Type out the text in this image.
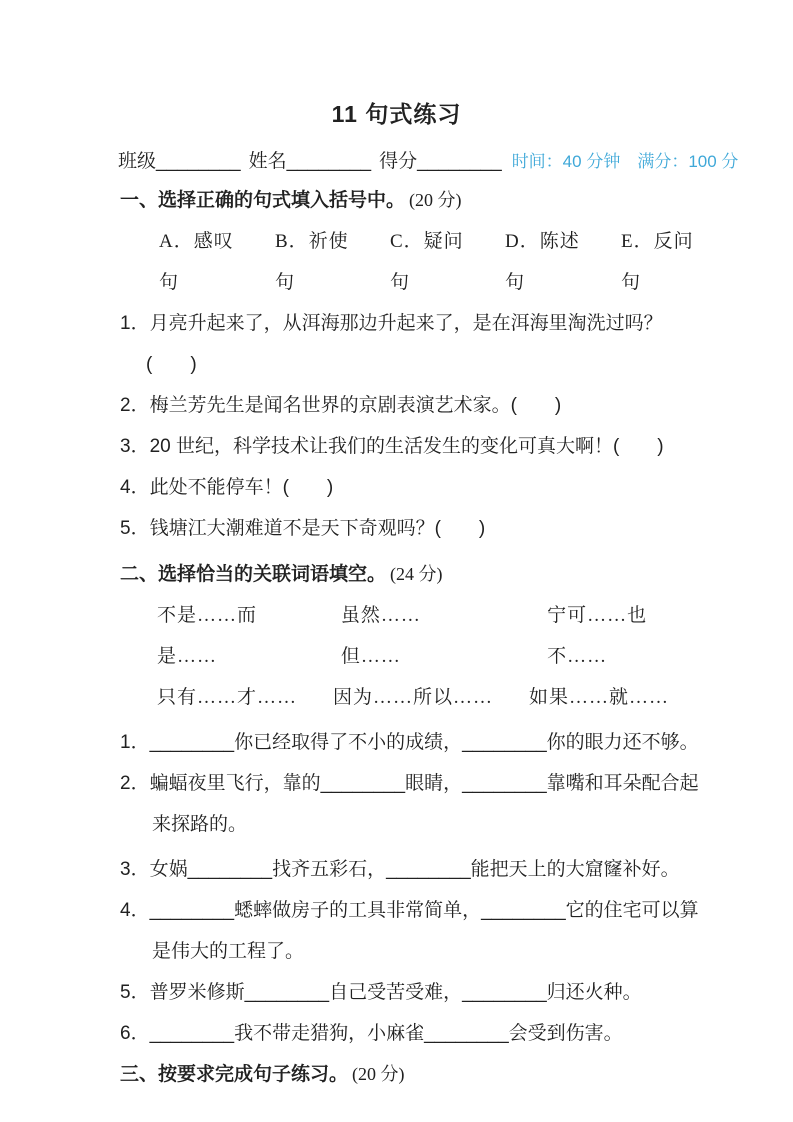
11 句式练习
班级 ________ 姓名 ________ 得分 ________ 时间：40 分钟　满分：100 分
一、选择正确的句式填入括号中。 (20 分)
A．感叹句
B．祈使句
C．疑问句
D．陈述句
E．反问句

1．月亮升起来了，从洱海那边升起来了，是在洱海里淘洗过吗？

(　　)

2．梅兰芳先生是闻名世界的京剧表演艺术家。(　　)

3．20 世纪，科学技术让我们的生活发生的变化可真大啊！(　　)

4．此处不能停车！(　　)

5．钱塘江大潮难道不是天下奇观吗？(　　)

二、选择恰当的关联词语填空。 (24 分)
不是……而是……
虽然……但……
宁可……也不……
只有……才…… 因为……所以…… 如果……就……

1．________你已经取得了不小的成绩，________你的眼力还不够。

2．蝙蝠夜里飞行，靠的________眼睛，________靠嘴和耳朵配合起来探路的。

3．女娲________找齐五彩石，________能把天上的大窟窿补好。

4．________蟋蟀做房子的工具非常简单，________它的住宅可以算是伟大的工程了。

5．普罗米修斯________自己受苦受难，________归还火种。

6．________我不带走猎狗，小麻雀________会受到伤害。

三、按要求完成句子练习。 (20 分)
